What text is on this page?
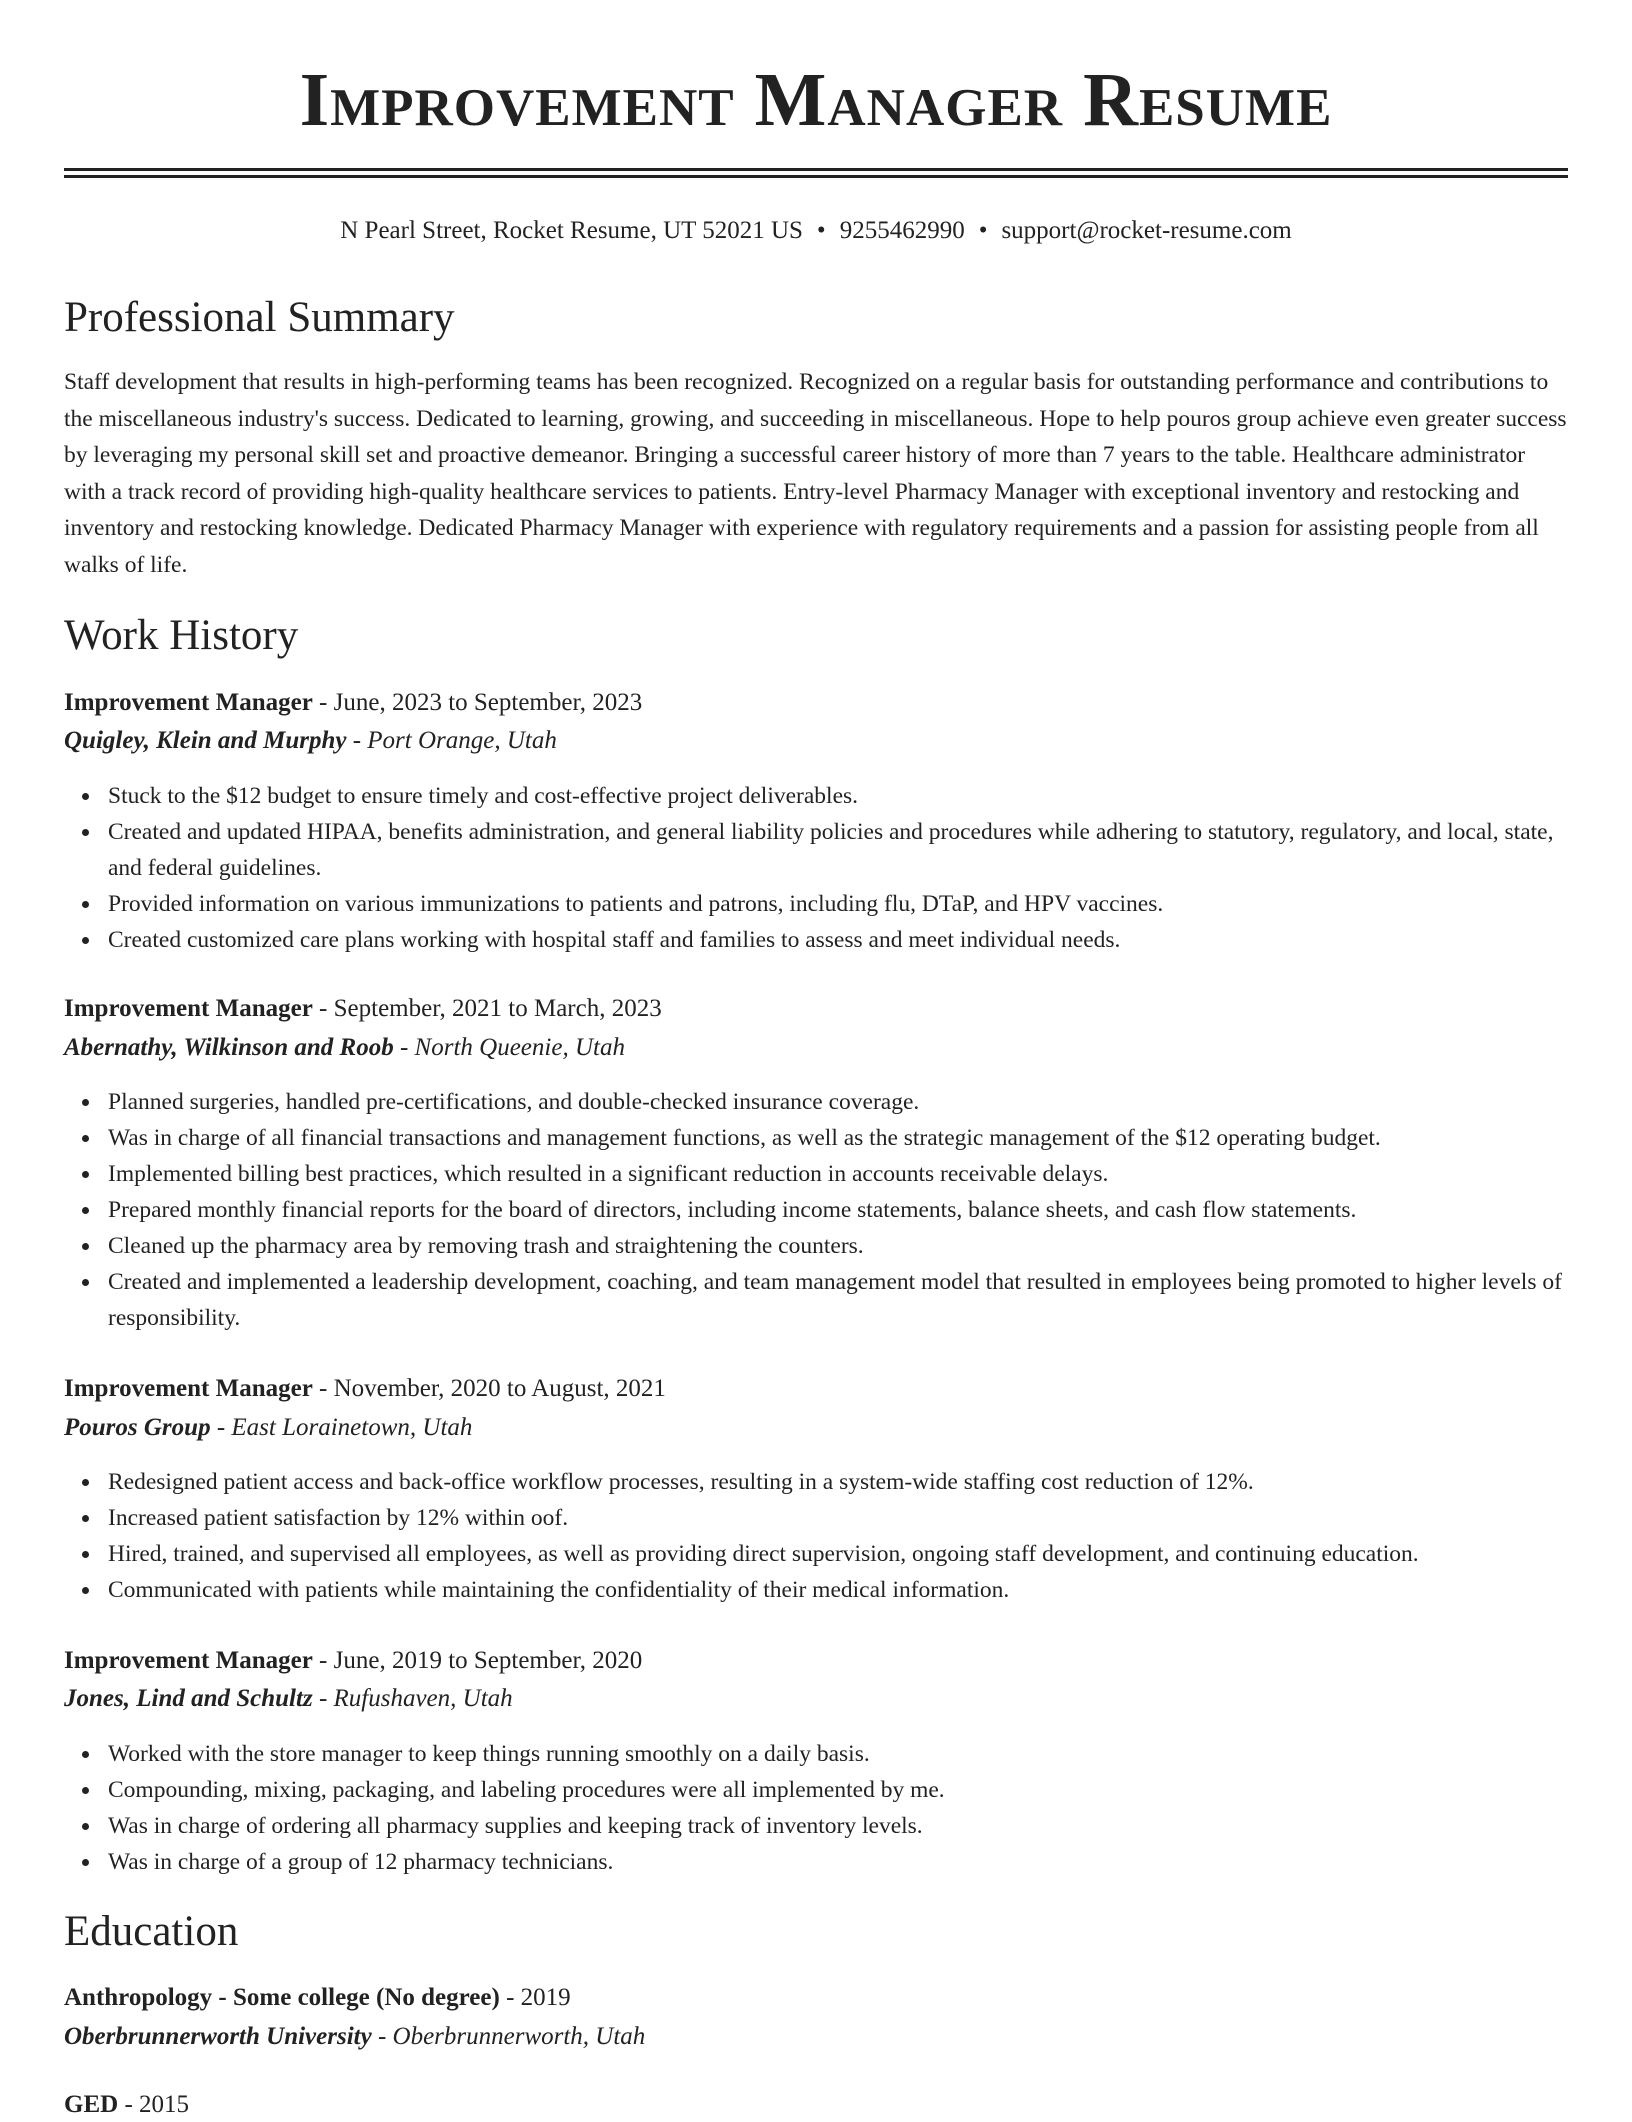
Improvement Manager Resume
N Pearl Street, Rocket Resume, UT 52021 US • 9255462990 • support@rocket-resume.com
Professional Summary

Staff development that results in high-performing teams has been recognized. Recognized on a regular basis for outstanding performance and contributions to the miscellaneous industry's success. Dedicated to learning, growing, and succeeding in miscellaneous. Hope to help pouros group achieve even greater success by leveraging my personal skill set and proactive demeanor. Bringing a successful career history of more than 7 years to the table. Healthcare administrator with a track record of providing high-quality healthcare services to patients. Entry-level Pharmacy Manager with exceptional inventory and restocking and inventory and restocking knowledge. Dedicated Pharmacy Manager with experience with regulatory requirements and a passion for assisting people from all walks of life.

Work History
Improvement Manager - June, 2023 to September, 2023
Quigley, Klein and Murphy - Port Orange, Utah
Stuck to the $12 budget to ensure timely and cost-effective project deliverables.
Created and updated HIPAA, benefits administration, and general liability policies and procedures while adhering to statutory, regulatory, and local, state, and federal guidelines.
Provided information on various immunizations to patients and patrons, including flu, DTaP, and HPV vaccines.
Created customized care plans working with hospital staff and families to assess and meet individual needs.
Improvement Manager - September, 2021 to March, 2023
Abernathy, Wilkinson and Roob - North Queenie, Utah
Planned surgeries, handled pre-certifications, and double-checked insurance coverage.
Was in charge of all financial transactions and management functions, as well as the strategic management of the $12 operating budget.
Implemented billing best practices, which resulted in a significant reduction in accounts receivable delays.
Prepared monthly financial reports for the board of directors, including income statements, balance sheets, and cash flow statements.
Cleaned up the pharmacy area by removing trash and straightening the counters.
Created and implemented a leadership development, coaching, and team management model that resulted in employees being promoted to higher levels of responsibility.
Improvement Manager - November, 2020 to August, 2021
Pouros Group - East Lorainetown, Utah
Redesigned patient access and back-office workflow processes, resulting in a system-wide staffing cost reduction of 12%.
Increased patient satisfaction by 12% within oof.
Hired, trained, and supervised all employees, as well as providing direct supervision, ongoing staff development, and continuing education.
Communicated with patients while maintaining the confidentiality of their medical information.
Improvement Manager - June, 2019 to September, 2020
Jones, Lind and Schultz - Rufushaven, Utah
Worked with the store manager to keep things running smoothly on a daily basis.
Compounding, mixing, packaging, and labeling procedures were all implemented by me.
Was in charge of ordering all pharmacy supplies and keeping track of inventory levels.
Was in charge of a group of 12 pharmacy technicians.
Education
Anthropology - Some college (No degree) - 2019
Oberbrunnerworth University - Oberbrunnerworth, Utah
GED - 2015
